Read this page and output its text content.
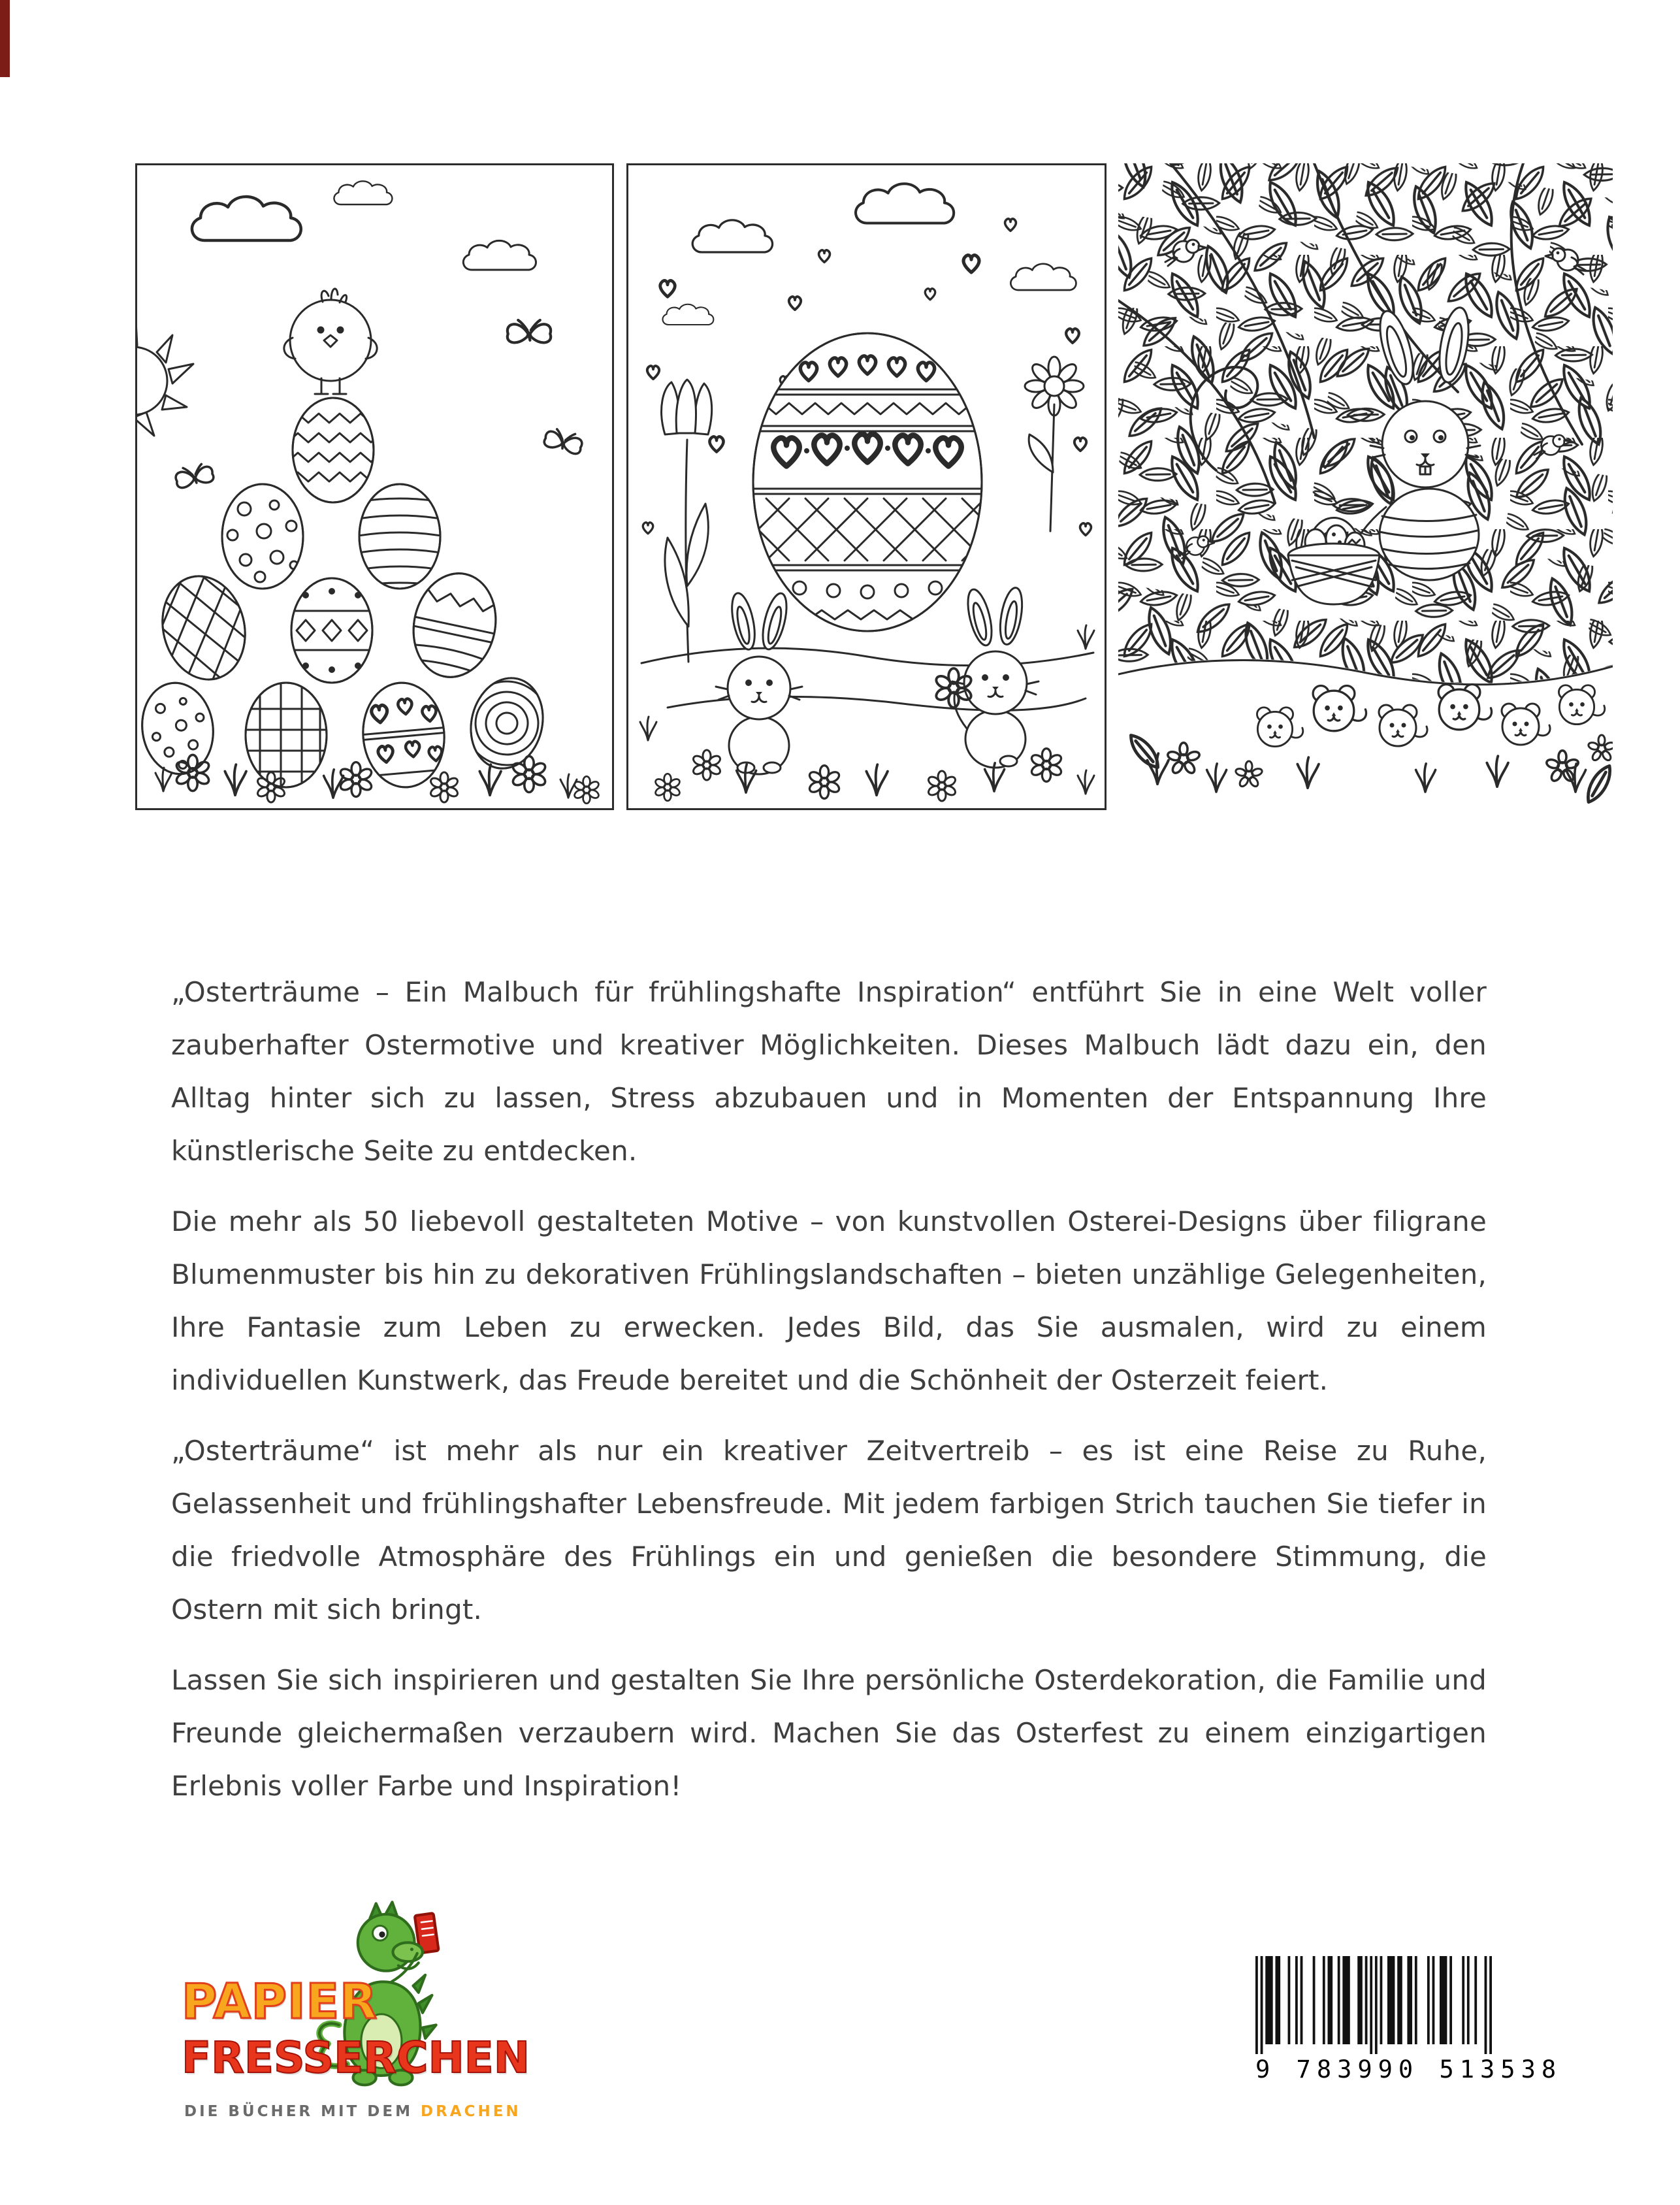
„Osterträume – Ein Malbuch für frühlingshafte Inspiration“ entführt Sie in eine Welt voller zauberhafter Ostermotive und kreativer Möglichkeiten. Dieses Malbuch lädt dazu ein, den Alltag hinter sich zu lassen, Stress abzubauen und in Momenten der Entspannung Ihre künstlerische Seite zu entdecken.

Die mehr als 50 liebevoll gestalteten Motive – von kunstvollen Osterei-Designs über filigrane Blumenmuster bis hin zu dekorativen Frühlingslandschaften – bieten unzählige Gelegenheiten, Ihre Fantasie zum Leben zu erwecken. Jedes Bild, das Sie ausmalen, wird zu einem individuellen Kunstwerk, das Freude bereitet und die Schönheit der Osterzeit feiert.

„Osterträume“ ist mehr als nur ein kreativer Zeitvertreib – es ist eine Reise zu Ruhe, Gelassenheit und frühlingshafter Lebensfreude. Mit jedem farbigen Strich tauchen Sie tiefer in die friedvolle Atmosphäre des Frühlings ein und genießen die besondere Stimmung, die Ostern mit sich bringt.

Lassen Sie sich inspirieren und gestalten Sie Ihre persönliche Osterdekoration, die Familie und Freunde gleichermaßen verzaubern wird. Machen Sie das Osterfest zu einem einzigartigen Erlebnis voller Farbe und Inspiration!

PAPIER
FRESSERCHEN
DIE BÜCHER MIT DEM DRACHEN
9 783990 513538
